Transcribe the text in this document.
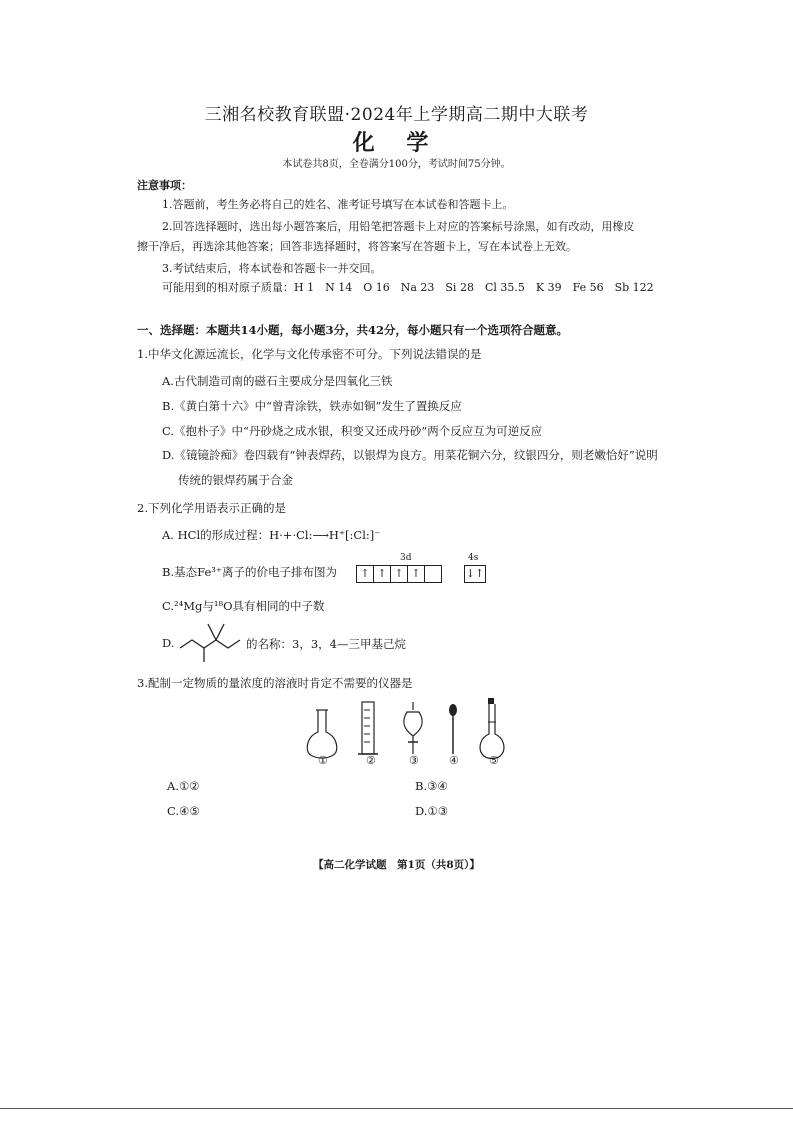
三湘名校教育联盟·2024年上学期高二期中大联考
化 学
本试卷共8页，全卷满分100分，考试时间75分钟。
注意事项：
1.答题前，考生务必将自己的姓名、准考证号填写在本试卷和答题卡上。
2.回答选择题时，选出每小题答案后，用铅笔把答题卡上对应的答案标号涂黑，如有改动，用橡皮
擦干净后，再选涂其他答案；回答非选择题时，将答案写在答题卡上，写在本试卷上无效。
3.考试结束后，将本试卷和答题卡一并交回。
可能用到的相对原子质量：H 1　N 14　O 16　Na 23　Si 28　Cl 35.5　K 39　Fe 56　Sb 122
一、选择题：本题共14小题，每小题3分，共42分，每小题只有一个选项符合题意。
1.中华文化源远流长，化学与文化传承密不可分。下列说法错误的是
A.古代制造司南的磁石主要成分是四氧化三铁
B.《黄白第十六》中“曾青涂铁，铁赤如铜”发生了置换反应
C.《抱朴子》中“丹砂烧之成水银，积变又还成丹砂”两个反应互为可逆反应
D.《镜镜詅痴》卷四载有“钟表焊药，以银焊为良方。用菜花铜六分，纹银四分，则老嫩恰好”说明
传统的银焊药属于合金
2.下列化学用语表示正确的是
A. HCl的形成过程：H·+·Cl:⟶H⁺[:Cl:]⁻
B.基态Fe³⁺离子的价电子排布图为
3d	4s
↑ ↑ ↑ ↑	↓↑
C.²⁴Mg与¹⁸O具有相同的中子数
D.	的名称：3，3，4—三甲基己烷
3.配制一定物质的量浓度的溶液时肯定不需要的仪器是
①	②	③	④	⑤
A.①②	B.③④
C.④⑤	D.①③
【高二化学试题　第1页（共8页）】
